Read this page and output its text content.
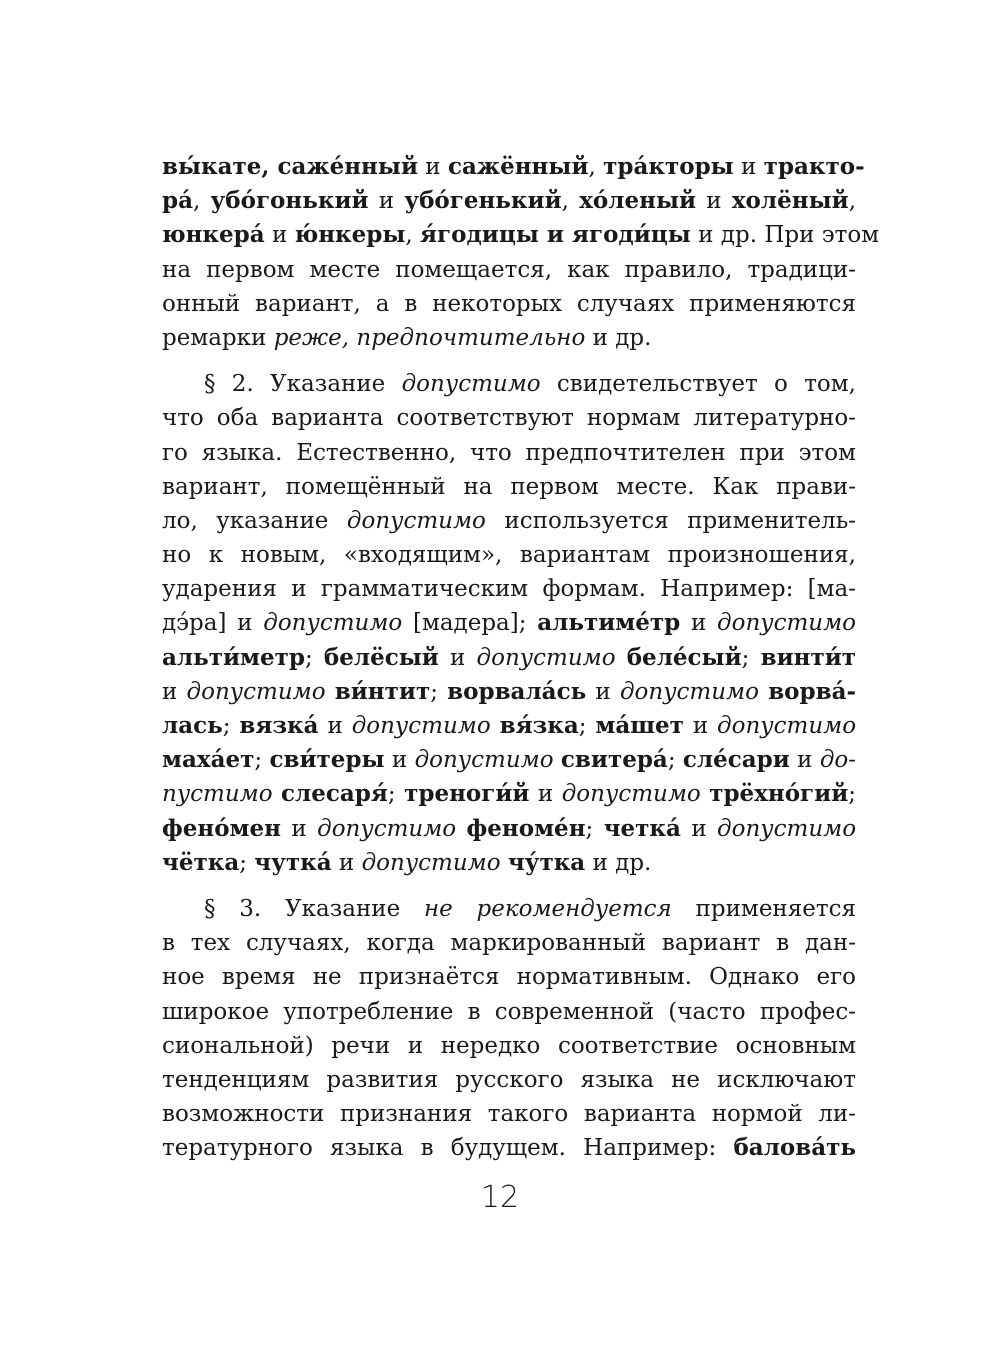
вы́катe, саже́нный и сажённый, тра́кторы и тракто-
ра́, убо́гонький и убо́генький, хо́леный и холёный,
юнкера́ и ю́нкеры, я́годицы и ягоди́цы и др. При этом
на первом месте помещается, как правило, традици-
онный вариант, а в некоторых случаях применяются
ремарки реже, предпочтительно и др.
§ 2. Указание допустимо свидетельствует о том,
что оба варианта соответствуют нормам литературно-
го языка. Естественно, что предпочтителен при этом
вариант, помещённый на первом месте. Как прави-
ло, указание допустимо используется применитель-
но к новым, «входящим», вариантам произношения,
ударения и грамматическим формам. Например: [ма-
дэ́ра] и допустимо [мадера]; альтиме́тр и допустимо
альти́метр; белёсый и допустимо беле́сый; винти́т
и допустимо ви́нтит; ворвала́сь и допустимо ворва́-
лась; вязка́ и допустимо вя́зка; ма́шет и допустимо
маха́ет; сви́теры и допустимо свитера́; сле́сари и до-
пустимо слесаря́; треноги́й и допустимо трёхно́гий;
фено́мен и допустимо феноме́н; четка́ и допустимо
чётка; чутка́ и допустимо чу́тка и др.
§ 3. Указание не рекомендуется применяется
в тех случаях, когда маркированный вариант в дан-
ное время не признаётся нормативным. Однако его
широкое употребление в современной (часто профес-
сиональной) речи и нередко соответствие основным
тенденциям развития русского языка не исключают
возможности признания такого варианта нормой ли-
тературного языка в будущем. Например: балова́ть
12
